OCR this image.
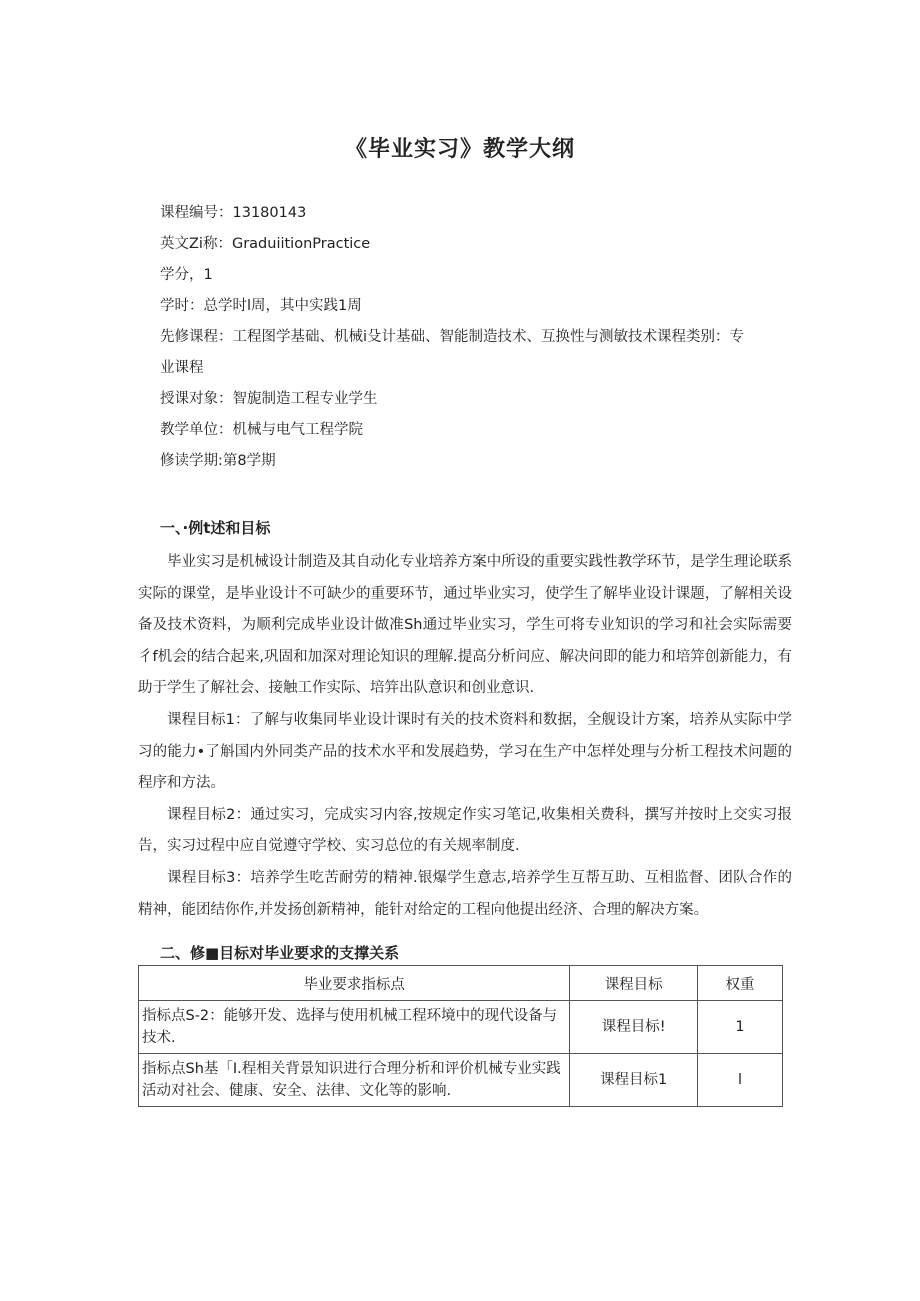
《毕业实习》教学大纲
课程编号：13180143
英文Zi称：GraduiitionPractice
学分，1
学时：总学时l周，其中实践1周
先修课程：工程图学基础、机械i殳计基础、智能制造技术、互换性与测敏技术课程类别：专
业课程
授课对象：智旎制造工程专业学生
教学单位：机械与电气工程学院
修读学期:第8学期
一、·例t述和目标

毕业实习是机械设计制造及其自动化专业培养方案中所设的重要实践性教学环节，是学生理论联系实际的课堂，是毕业设计不可缺少的重要环节，通过毕业实习，使学生了解毕业设计课题，了解相关设备及技术资料，为顺利完成毕业设计做准Sh通过毕业实习，学生可将专业知识的学习和社会实际需要彳f机会的结合起来,巩固和加深对理论知识的理解.提高分析问应、解决问即的能力和培笄创新能力，有助于学生了解社会、接触工作实际、培笄出队意识和创业意识.

课程目标1：了解与收集同毕业设计课时有关的技术资料和数据，全舰设计方案，培养从实际中学习的能力•了斛国内外同类产品的技术水平和发展趋势，学习在生产中怎样处理与分析工程技术问题的程序和方法。

课程目标2：通过实习，完成实习内容,按规定作实习笔记,收集相关费科，撰写并按时上交实习报告，实习过程中应自觉遵守学校、实习总位的有关规率制度.

课程目标3：培养学生吃苦耐劳的精神.银爆学生意志,培养学生互帮互助、互相监督、团队合作的精神，能团结你作,并发扬创新精神，能针对给定的工程向他提出经济、合理的解决方案。

二、修■目标对毕业要求的支撑关系
毕业要求指标点	课程目标	权重
指标点S-2：能够开发、选择与使用机械工程环境中的现代设备与技术.	课程目标!	1
指标点Sh基「I.程相关背景知识进行合理分析和评价机械专业实践活动对社会、健康、安全、法律、文化等的影响.	课程目标1	l
